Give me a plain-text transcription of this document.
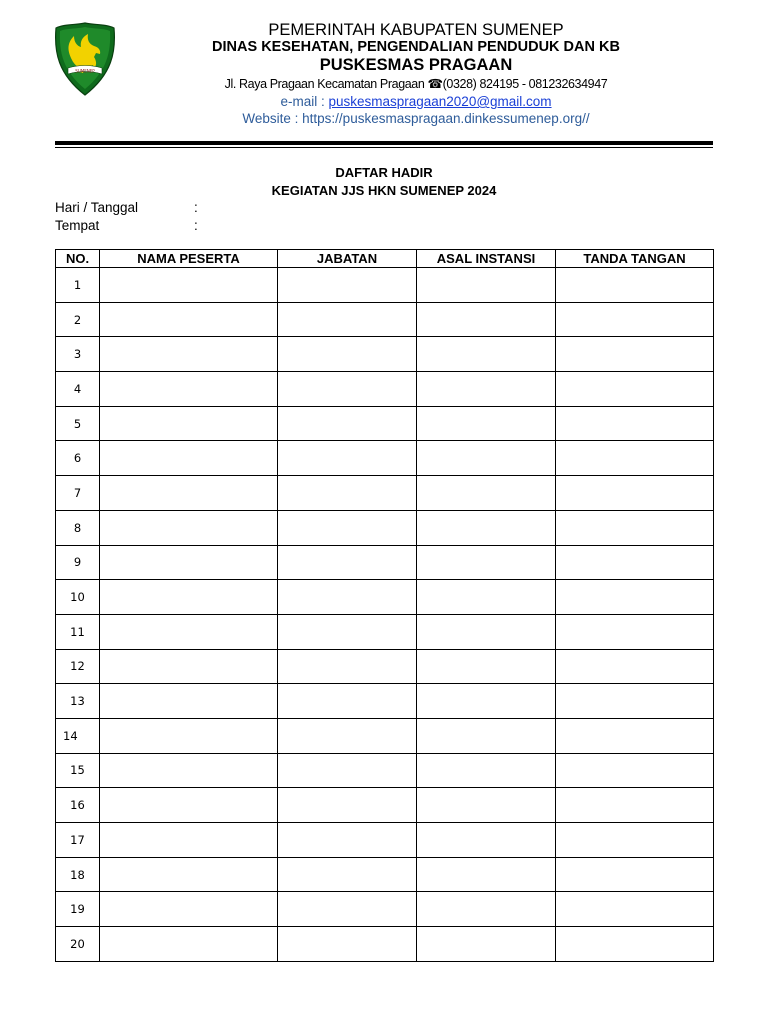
SUMENEP
PEMERINTAH KABUPATEN SUMENEP
DINAS KESEHATAN, PENGENDALIAN PENDUDUK DAN KB
PUSKESMAS PRAGAAN
Jl. Raya Pragaan Kecamatan Pragaan ☎(0328) 824195 - 081232634947
e-mail : puskesmaspragaan2020@gmail.com
Website : https://puskesmaspragaan.dinkessumenep.org//
DAFTAR HADIR
KEGIATAN JJS HKN SUMENEP 2024
Hari / Tanggal	:
Tempat	:
NO.	NAMA PESERTA	JABATAN	ASAL INSTANSI	TANDA TANGAN
1				
2				
3				
4				
5				
6				
7				
8				
9				
10				
11				
12				
13				
14				
15				
16				
17				
18				
19				
20				
